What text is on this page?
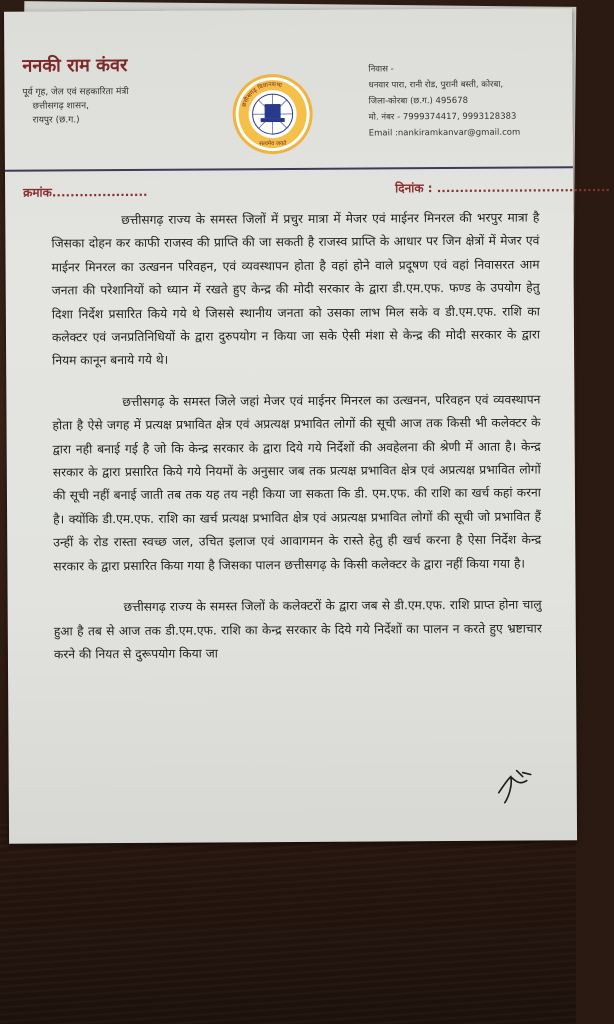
ननकी राम कंवर
पूर्व गृह, जेल एवं सहकारिता मंत्री
छत्तीसगढ़ शासन,
रायपुर (छ.ग.)
छत्तीसगढ़ विधानसभा
सत्यमेव जयते
निवास -
धनवार पारा, रानी रोड, पुरानी बस्ती, कोरबा,
जिला-कोरबा (छ.ग.) 495678
मो. नंबर - 7999374417, 9993128383
Email :nankiramkanvar@gmail.com
क्रमांक.....................	दिनांक : ......................................

छत्तीसगढ़ राज्य के समस्त जिलों में प्रचुर मात्रा में मेजर एवं माईनर मिनरल की भरपुर मात्रा है जिसका दोहन कर काफी राजस्व की प्राप्ति की जा सकती है राजस्व प्राप्ति के आधार पर जिन क्षेत्रों में मेजर एवं माईनर मिनरल का उत्खनन परिवहन, एवं व्यवस्थापन होता है वहां होने वाले प्रदूषण एवं वहां निवासरत आम जनता की परेशानियों को ध्यान में रखते हुए केन्द्र की मोदी सरकार के द्वारा डी.एम.एफ. फण्ड के उपयोग हेतु दिशा निर्देश प्रसारित किये गये थे जिससे स्थानीय जनता को उसका लाभ मिल सके व डी.एम.एफ. राशि का कलेक्टर एवं जनप्रतिनिधियों के द्वारा दुरुपयोग न किया जा सके ऐसी मंशा से केन्द्र की मोदी सरकार के द्वारा नियम कानून बनाये गये थे।

छत्तीसगढ़ के समस्त जिले जहां मेजर एवं माईनर मिनरल का उत्खनन, परिवहन एवं व्यवस्थापन होता है ऐसे जगह में प्रत्यक्ष प्रभावित क्षेत्र एवं अप्रत्यक्ष प्रभावित लोगों की सूची आज तक किसी भी कलेक्टर के द्वारा नही बनाई गई है जो कि केन्द्र सरकार के द्वारा दिये गये निर्देशों की अवहेलना की श्रेणी में आता है। केन्द्र सरकार के द्वारा प्रसारित किये गये नियमों के अनुसार जब तक प्रत्यक्ष प्रभावित क्षेत्र एवं अप्रत्यक्ष प्रभावित लोगों की सूची नहीं बनाई जाती तब तक यह तय नही किया जा सकता कि डी. एम.एफ. की राशि का खर्च कहां करना है। क्योंकि डी.एम.एफ. राशि का खर्च प्रत्यक्ष प्रभावित क्षेत्र एवं अप्रत्यक्ष प्रभावित लोगों की सूची जो प्रभावित हैं उन्हीं के रोड रास्ता स्वच्छ जल, उचित इलाज एवं आवागमन के रास्ते हेतु ही खर्च करना है ऐसा निर्देश केन्द्र सरकार के द्वारा प्रसारित किया गया है जिसका पालन छत्तीसगढ़ के किसी कलेक्टर के द्वारा नहीं किया गया है।

छत्तीसगढ़ राज्य के समस्त जिलों के कलेक्टरों के द्वारा जब से डी.एम.एफ. राशि प्राप्त होना चालु हुआ है तब से आज तक डी.एम.एफ. राशि का केन्द्र सरकार के दिये गये निर्देशों का पालन न करते हुए भ्रष्टाचार करने की नियत से दुरूपयोग किया जा
